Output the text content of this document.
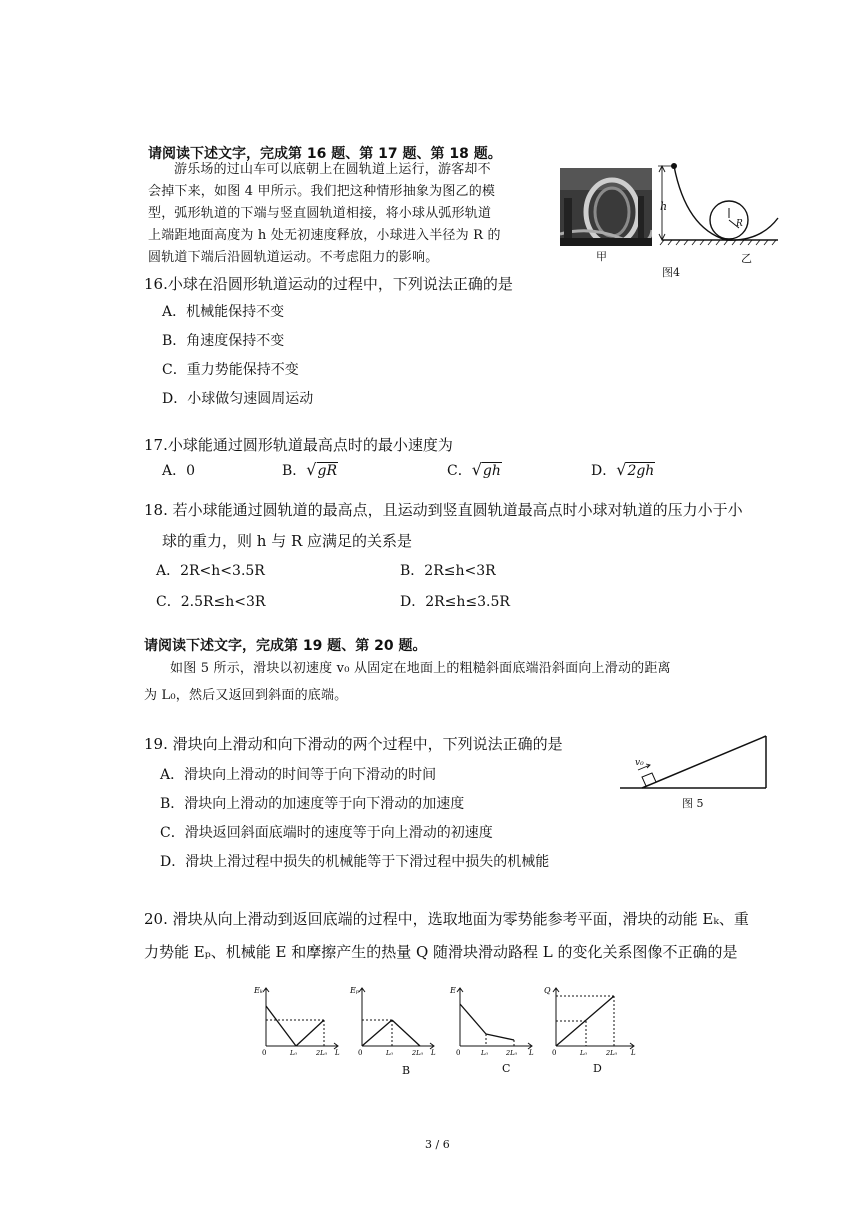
请阅读下述文字，完成第 16 题、第 17 题、第 18 题。
游乐场的过山车可以底朝上在圆轨道上运行，游客却不
会掉下来，如图 4 甲所示。我们把这种情形抽象为图乙的模
型，弧形轨道的下端与竖直圆轨道相接，将小球从弧形轨道
上端距地面高度为 h 处无初速度释放，小球进入半径为 R 的
圆轨道下端后沿圆轨道运动。不考虑阻力的影响。
h
R
甲	乙
图4
16.小球在沿圆形轨道运动的过程中，下列说法正确的是
A．机械能保持不变
B．角速度保持不变
C．重力势能保持不变
D．小球做匀速圆周运动
17.小球能通过圆形轨道最高点时的最小速度为
A．0	B．√gR	C．√gh	D．√2gh
18. 若小球能通过圆轨道的最高点，且运动到竖直圆轨道最高点时小球对轨道的压力小于小
球的重力，则 h 与 R 应满足的关系是
A．2R<h<3.5R	B．2R≤h<3R
C．2.5R≤h<3R	D．2R≤h≤3.5R
请阅读下述文字，完成第 19 题、第 20 题。
如图 5 所示，滑块以初速度 v₀ 从固定在地面上的粗糙斜面底端沿斜面向上滑动的距离
为 L₀，然后又返回到斜面的底端。
v₀
图 5
19. 滑块向上滑动和向下滑动的两个过程中，下列说法正确的是
A．滑块向上滑动的时间等于向下滑动的时间
B．滑块向上滑动的加速度等于向下滑动的加速度
C．滑块返回斜面底端时的速度等于向上滑动的初速度
D．滑块上滑过程中损失的机械能等于下滑过程中损失的机械能
20. 滑块从向上滑动到返回底端的过程中，选取地面为零势能参考平面，滑块的动能 Eₖ、重
力势能 Eₚ、机械能 E 和摩擦产生的热量 Q 随滑块滑动路程 L 的变化关系图像不正确的是
Eₖ
0	L₀	2L₀ L
Eₚ
0	L₀	2L₀ L
E
0	L₀	2L₀ L
Q
0	L₀	2L₀ L
B	C	D
3 / 6
